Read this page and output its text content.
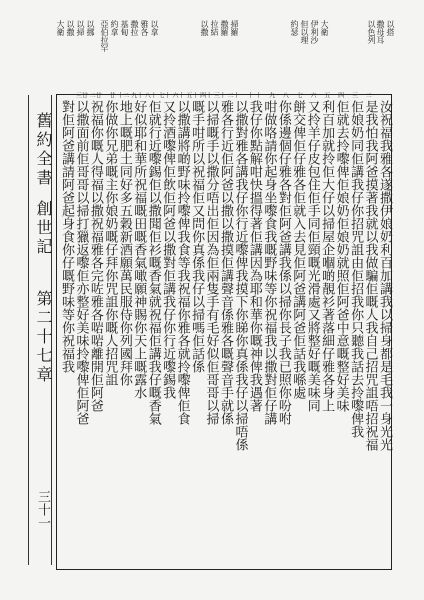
以搭
撒母耳
以色列
大衛
伊利沙
但以理
約瑟
以拿
雅各
撒拉
基甸
約拿
亞伯拉罕
以挪
以掃
以撒
大衛	以撒 拉結 撒羅 掃羅
一
二
三
四
五
六
七
八
九
十
十一
十二
十三
十四
十五
十六
十七
十八
十九
二十
廿一
廿二
廿三
汝祝福我雅各遂撒伊娘奶利百加講我以掃身都是毛我一身光光
是我怕我阿爸摸著我就以我做騙佢嘅人我自己招咒詛唔招祝福
佢娘奶同佢講我仔你招咒詛由佢招我你只聽我話去拎嚟俾我
佢就去拎嚟俾佢娘奶佢娘奶就照佢阿爸中意嘅整好美味
利百加就拎佢大仔以掃屋企嗰啲靚衫著落細仔雅各身上
又拎羊仔皮包住佢手同佢頸嘅光滑處又將整好嘅美味同
餅交俾佢仔雅各佢就入去見佢阿爸講阿爸佢話我喺處
你係邊個仔雅各對佢阿爸講我係以掃你長子我已照你吩咐
咁做咯請你起身坐嚟食我嘅野味等你祝福我以撒對佢仔講
我仔你點解咁快搵得著佢講因為耶和華你嘅神俾我遇著
以撒對雅各講我仔你行近嚟俾我摸下你睇你真係我仔以掃唔係
雅各行近佢阿爸以撒以撒摸佢講聲音係雅各嘅聲音手就係
以掃嘅手以撒分唔出佢因為佢兩隻手有毛好似佢哥哥以掃
嘅手咁所以祝福佢又問你真係我仔以掃嗎佢話係
以撒講將啲野味拎嚟俾我食等我祝福你雅各就拎嚟俾佢食
又拎酒嚟俾佢飲佢阿爸以撒對佢講我仔你行近嚟錫我
佢就行近嚟錫佢以撒聞佢衫嘅香氣就祝福佢講我仔嘅香氣
好似耶和華所祝福嘅田嘅香氣噉願神賜你天上嘅露水
地上嘅肥土同好多五穀新酒願萬民服侍你列國拜你
你做你兄弟嘅主你娘奶嘅仔拜你咒詛你嘅人招咒詛
祝福你嘅人得福以撒祝福雅各完咗雅各啱啱離開佢阿爸
以撒面前佢哥哥以掃打獵返嚟佢亦整好美味拎嚟俾佢阿爸
對佢阿爸講請阿爸起身食你仔嘅野味等你祝福我
舊約全書
創世記
第二十七章
三十一
